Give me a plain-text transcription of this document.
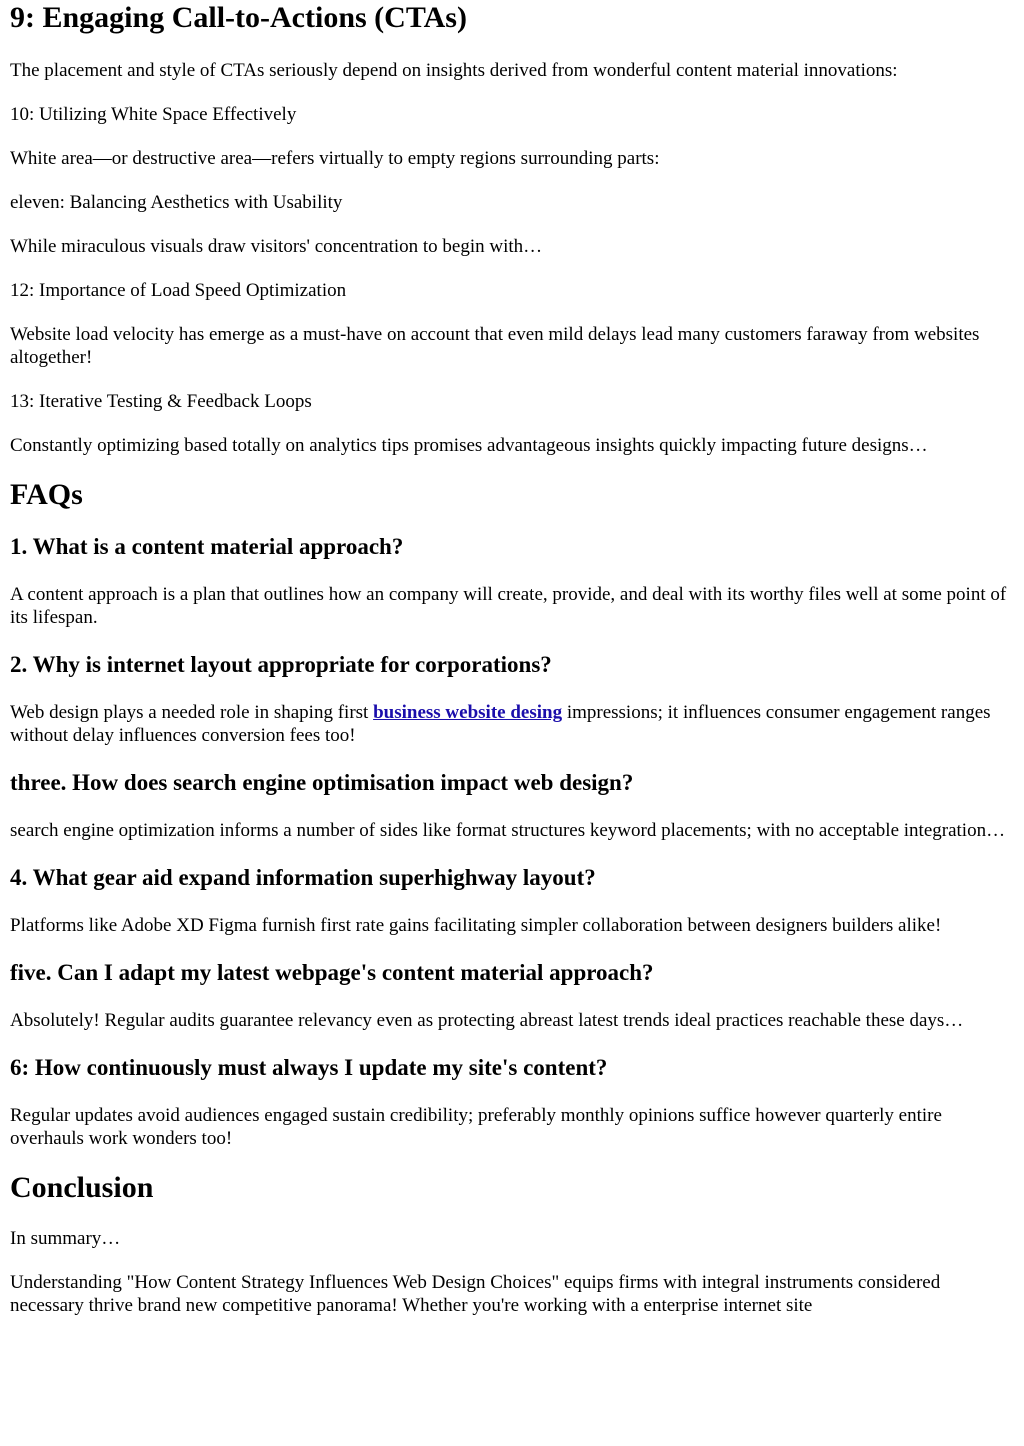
9: Engaging Call-to-Actions (CTAs)

The placement and style of CTAs seriously depend on insights derived from wonderful content material innovations:

10: Utilizing White Space Effectively

White area—or destructive area—refers virtually to empty regions surrounding parts:

eleven: Balancing Aesthetics with Usability

While miraculous visuals draw visitors' concentration to begin with…

12: Importance of Load Speed Optimization

Website load velocity has emerge as a must-have on account that even mild delays lead many customers faraway from websites altogether!

13: Iterative Testing & Feedback Loops

Constantly optimizing based totally on analytics tips promises advantageous insights quickly impacting future designs…

FAQs
1. What is a content material approach?

A content approach is a plan that outlines how an company will create, provide, and deal with its worthy files well at some point of its lifespan.

2. Why is internet layout appropriate for corporations?

Web design plays a needed role in shaping first business website desing impressions; it influences consumer engagement ranges without delay influences conversion fees too!

three. How does search engine optimisation impact web design?

search engine optimization informs a number of sides like format structures keyword placements; with no acceptable integration…

4. What gear aid expand information superhighway layout?

Platforms like Adobe XD Figma furnish first rate gains facilitating simpler collaboration between designers builders alike!

five. Can I adapt my latest webpage's content material approach?

Absolutely! Regular audits guarantee relevancy even as protecting abreast latest trends ideal practices reachable these days…

6: How continuously must always I update my site's content?

Regular updates avoid audiences engaged sustain credibility; preferably monthly opinions suffice however quarterly entire overhauls work wonders too!

Conclusion

In summary…

Understanding "How Content Strategy Influences Web Design Choices" equips firms with integral instruments considered necessary thrive brand new competitive panorama! Whether you're working with a enterprise internet site
